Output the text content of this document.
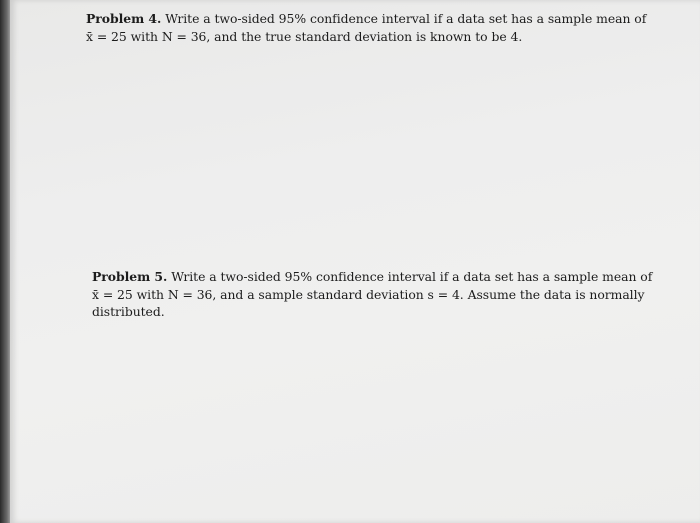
Problem 4. Write a two-sided 95% confidence interval if a data set has a sample mean of
x̄ = 25 with N = 36, and the true standard deviation is known to be 4.
Problem 5. Write a two-sided 95% confidence interval if a data set has a sample mean of
x̄ = 25 with N = 36, and a sample standard deviation s = 4. Assume the data is normally
distributed.
